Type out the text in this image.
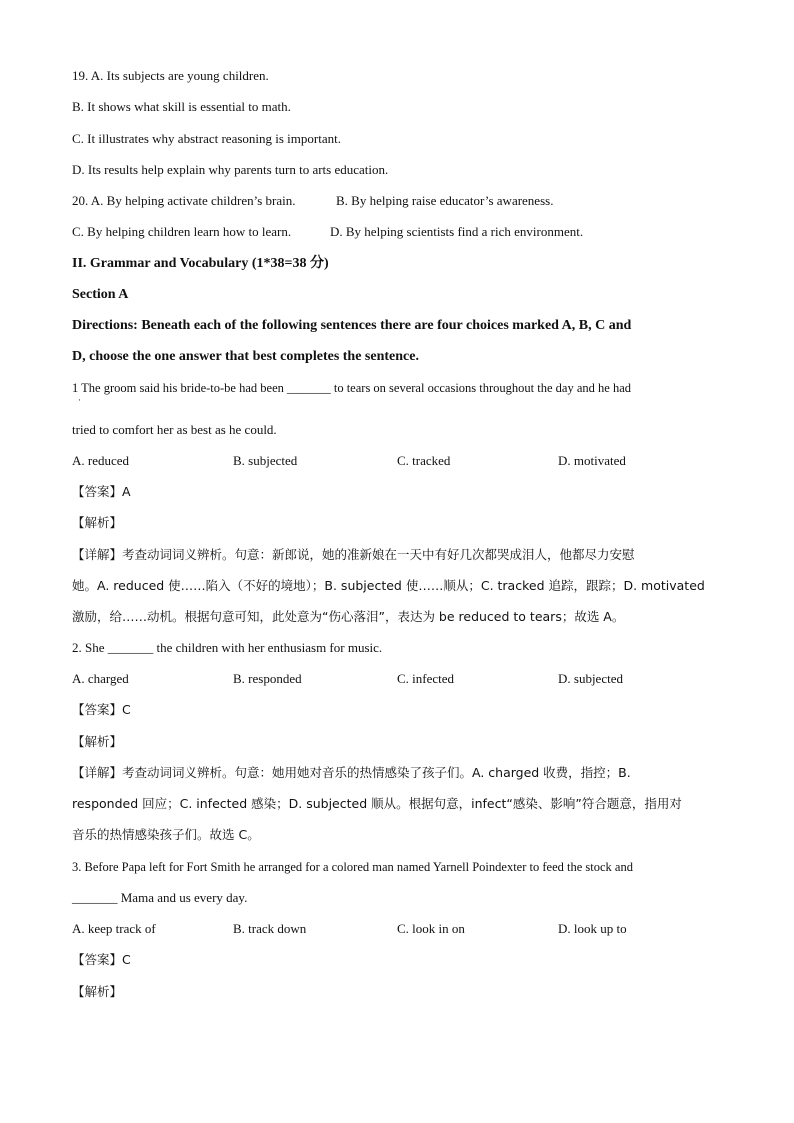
19. A. Its subjects are young children.
B. It shows what skill is essential to math.
C. It illustrates why abstract reasoning is important.
D. Its results help explain why parents turn to arts education.
20. A. By helping activate children’s brain.	B. By helping raise educator’s awareness.
C. By helping children learn how to learn.	D. By helping scientists find a rich environment.
II. Grammar and Vocabulary (1*38=38 分)
Section A
Directions: Beneath each of the following sentences there are four choices marked A, B, C and
D, choose the one answer that best completes the sentence.
1 The groom said his bride-to-be had been _______ to tears on several occasions throughout the day and he had
·
tried to comfort her as best as he could.
A. reduced	B. subjected	C. tracked	D. motivated
【答案】A
【解析】
【详解】考查动词词义辨析。句意：新郎说，她的准新娘在一天中有好几次都哭成泪人，他都尽力安慰
她。A. reduced 使……陷入（不好的境地）；B. subjected 使……顺从；C. tracked 追踪，跟踪；D. motivated
激励，给……动机。根据句意可知，此处意为“伤心落泪”，表达为 be reduced to tears；故选 A。
2. She _______ the children with her enthusiasm for music.
A. charged	B. responded	C. infected	D. subjected
【答案】C
【解析】
【详解】考查动词词义辨析。句意：她用她对音乐的热情感染了孩子们。A. charged 收费，指控；B.
responded 回应；C. infected 感染；D. subjected 顺从。根据句意，infect“感染、影响”符合题意，指用对
音乐的热情感染孩子们。故选 C。
3. Before Papa left for Fort Smith he arranged for a colored man named Yarnell Poindexter to feed the stock and
_______ Mama and us every day.
A. keep track of	B. track down	C. look in on	D. look up to
【答案】C
【解析】
